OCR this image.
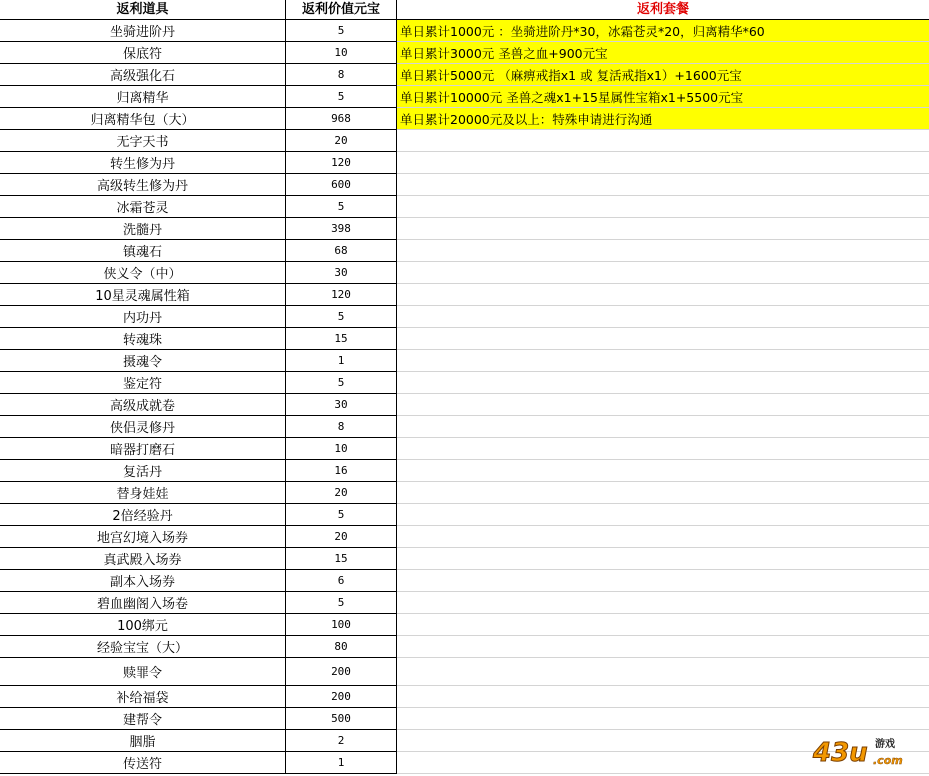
返利道具	返利价值元宝	返利套餐
坐骑进阶丹	5	单日累计1000元 ：坐骑进阶丹*30，冰霜苍灵*20，归离精华*60
保底符	10	单日累计3000元 圣兽之血+900元宝
高级强化石	8	单日累计5000元 （麻痹戒指x1 或 复活戒指x1）+1600元宝
归离精华	5	单日累计10000元 圣兽之魂x1+15星属性宝箱x1+5500元宝
归离精华包（大）	968	单日累计20000元及以上：特殊申请进行沟通
无字天书	20
转生修为丹	120
高级转生修为丹	600
冰霜苍灵	5
洗髓丹	398
镇魂石	68
侠义令（中）	30
10星灵魂属性箱	120
内功丹	5
转魂珠	15
摄魂令	1
鉴定符	5
高级成就卷	30
侠侣灵修丹	8
暗器打磨石	10
复活丹	16
替身娃娃	20
2倍经验丹	5
地宫幻境入场券	20
真武殿入场券	15
副本入场券	6
碧血幽阁入场卷	5
100绑元	100
经验宝宝（大）	80
赎罪令	200
补给福袋	200
建帮令	500
胭脂	2
传送符	1	43u .com
游戏
